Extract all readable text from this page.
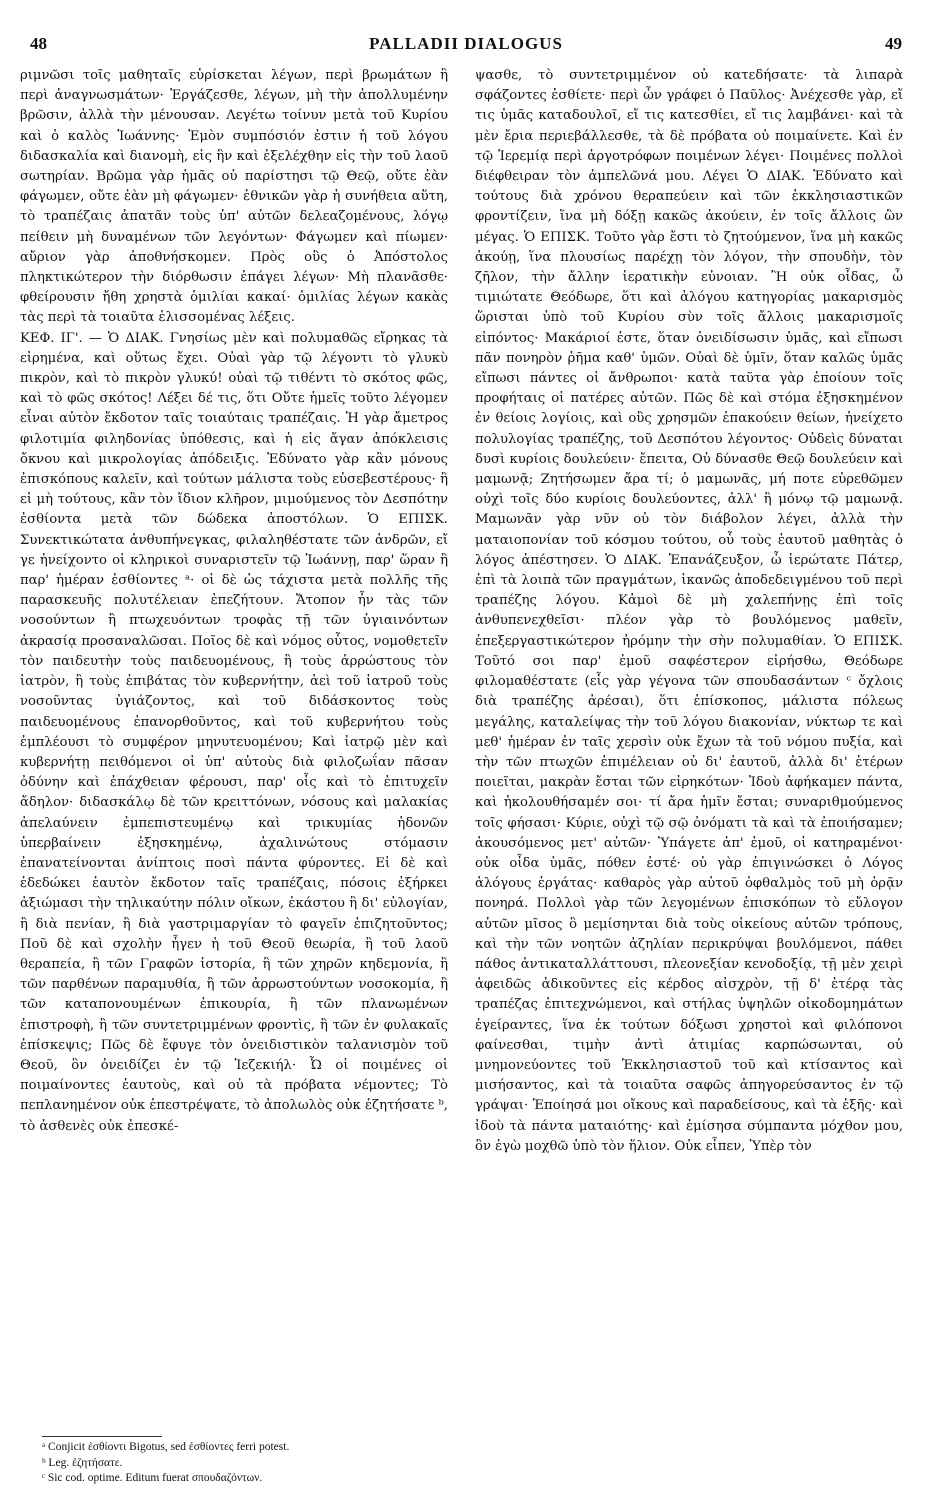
48	PALLADII DIALOGUS	49

ριμνῶσι τοῖς μαθηταῖς εὑρίσκεται λέγων, περὶ βρωμάτων ἢ περὶ ἀναγνωσμάτων· Ἐργάζεσθε, λέγων, μὴ τὴν ἀπολλυμένην βρῶσιν, ἀλλὰ τὴν μένουσαν. Λεγέτω τοίνυν μετὰ τοῦ Κυρίου καὶ ὁ καλὸς Ἰωάννης· Ἐμὸν συμπόσιόν ἐστιν ἡ τοῦ λόγου διδασκαλία καὶ διανομὴ, εἰς ἣν καὶ ἐξελέχθην εἰς τὴν τοῦ λαοῦ σωτηρίαν. Βρῶμα γὰρ ἡμᾶς οὐ παρίστησι τῷ Θεῷ, οὔτε ἐὰν φάγωμεν, οὔτε ἐὰν μὴ φάγωμεν· ἐθνικῶν γὰρ ἡ συνήθεια αὕτη, τὸ τραπέζαις ἀπατᾶν τοὺς ὑπ' αὐτῶν δελεαζομένους, λόγῳ πείθειν μὴ δυναμένων τῶν λεγόντων· Φάγωμεν καὶ πίωμεν· αὔριον γὰρ ἀποθνήσκομεν. Πρὸς οὓς ὁ Ἀπόστολος πληκτικώτερον τὴν διόρθωσιν ἐπάγει λέγων· Μὴ πλανᾶσθε· φθείρουσιν ἤθη χρηστὰ ὁμιλίαι κακαί· ὁμιλίας λέγων κακὰς τὰς περὶ τὰ τοιαῦτα ἑλισσομένας λέξεις.

ΚΕΦ. ΙΓ'. — Ὁ ΔΙΑΚ. Γνησίως μὲν καὶ πολυμαθῶς εἴρηκας τὰ εἰρημένα, καὶ οὕτως ἔχει. Οὐαὶ γὰρ τῷ λέγοντι τὸ γλυκὺ πικρὸν, καὶ τὸ πικρὸν γλυκύ! οὐαὶ τῷ τιθέντι τὸ σκότος φῶς, καὶ τὸ φῶς σκότος! Λέξει δέ τις, ὅτι Οὔτε ἡμεῖς τοῦτο λέγομεν εἶναι αὐτὸν ἔκδοτον ταῖς τοιαύταις τραπέζαις. Ἡ γὰρ ἄμετρος φιλοτιμία φιληδονίας ὑπόθεσις, καὶ ἡ εἰς ἄγαν ἀπόκλεισις ὄκνου καὶ μικρολογίας ἀπόδειξις. Ἐδύνατο γὰρ κἂν μόνους ἐπισκόπους καλεῖν, καὶ τούτων μάλιστα τοὺς εὐσεβεστέρους· ἢ εἰ μὴ τούτους, κἂν τὸν ἴδιον κλῆρον, μιμούμενος τὸν Δεσπότην ἐσθίοντα μετὰ τῶν δώδεκα ἀποστόλων. Ὁ ΕΠΙΣΚ. Συνεκτικώτατα ἀνθυπήνεγκας, φιλαληθέστατε τῶν ἀνδρῶν, εἴ γε ἠνείχοντο οἱ κληρικοὶ συναριστεῖν τῷ Ἰωάννῃ, παρ' ὥραν ἢ παρ' ἡμέραν ἐσθίοντες ᵃ· οἱ δὲ ὡς τάχιστα μετὰ πολλῆς τῆς παρασκευῆς πολυτέλειαν ἐπεζήτουν. Ἄτοπον ἦν τὰς τῶν νοσούντων ἢ πτωχευόντων τροφὰς τῇ τῶν ὑγιαινόντων ἀκρασίᾳ προσαναλῶσαι. Ποῖος δὲ καὶ νόμος οὗτος, νομοθετεῖν τὸν παιδευτὴν τοὺς παιδευομένους, ἢ τοὺς ἀρρώστους τὸν ἰατρὸν, ἢ τοὺς ἐπιβάτας τὸν κυβερνήτην, ἀεὶ τοῦ ἰατροῦ τοὺς νοσοῦντας ὑγιάζοντος, καὶ τοῦ διδάσκοντος τοὺς παιδευομένους ἐπανορθοῦντος, καὶ τοῦ κυβερνήτου τοὺς ἐμπλέουσι τὸ συμφέρον μηνυτευομένου; Καὶ ἰατρῷ μὲν καὶ κυβερνήτῃ πειθόμενοι οἱ ὑπ' αὐτοὺς διὰ φιλοζωΐαν πᾶσαν ὀδύνην καὶ ἐπάχθειαν φέρουσι, παρ' οἷς καὶ τὸ ἐπιτυχεῖν ἄδηλον· διδασκάλῳ δὲ τῶν κρειττόνων, νόσους καὶ μαλακίας ἀπελαύνειν ἐμπεπιστευμένῳ καὶ τρικυμίας ἡδονῶν ὑπερβαίνειν ἐξησκημένῳ, ἀχαλινώτους στόμασιν ἐπανατείνονται ἀνίπτοις ποσὶ πάντα φύροντες. Εἰ δὲ καὶ ἐδεδώκει ἑαυτὸν ἔκδοτον ταῖς τραπέζαις, πόσοις ἐξήρκει ἀξιώμασι τὴν τηλικαύτην πόλιν οἴκων, ἑκάστου ἢ δι' εὐλογίαν, ἢ διὰ πενίαν, ἢ διὰ γαστριμαργίαν τὸ φαγεῖν ἐπιζητοῦντος; Ποῦ δὲ καὶ σχολὴν ἦγεν ἡ τοῦ Θεοῦ θεωρία, ἢ τοῦ λαοῦ θεραπεία, ἢ τῶν Γραφῶν ἱστορία, ἢ τῶν χηρῶν κηδεμονία, ἢ τῶν παρθένων παραμυθία, ἢ τῶν ἀρρωστούντων νοσοκομία, ἢ τῶν καταπονουμένων ἐπικουρία, ἢ τῶν πλανωμένων ἐπιστροφὴ, ἢ τῶν συντετριμμένων φροντὶς, ἢ τῶν ἐν φυλακαῖς ἐπίσκεψις; Πῶς δὲ ἔφυγε τὸν ὀνειδιστικὸν ταλανισμὸν τοῦ Θεοῦ, ὃν ὀνειδίζει ἐν τῷ Ἰεζεκιήλ· Ὦ οἱ ποιμένες οἱ ποιμαίνοντες ἑαυτοὺς, καὶ οὐ τὰ πρόβατα νέμοντες; Τὸ πεπλανημένον οὐκ ἐπεστρέψατε, τὸ ἀπολωλὸς οὐκ ἐζητήσατε ᵇ, τὸ ἀσθενὲς οὐκ ἐπεσκέ-

ψασθε, τὸ συντετριμμένον οὐ κατεδήσατε· τὰ λιπαρὰ σφάζοντες ἐσθίετε· περὶ ὧν γράφει ὁ Παῦλος· Ἀνέχεσθε γὰρ, εἴ τις ὑμᾶς καταδουλοῖ, εἴ τις κατεσθίει, εἴ τις λαμβάνει· καὶ τὰ μὲν ἔρια περιεβάλλεσθε, τὰ δὲ πρόβατα οὐ ποιμαίνετε. Καὶ ἐν τῷ Ἱερεμίᾳ περὶ ἀργοτρόφων ποιμένων λέγει· Ποιμένες πολλοὶ διέφθειραν τὸν ἀμπελῶνά μου. Λέγει Ὁ ΔΙΑΚ. Ἐδύνατο καὶ τούτους διὰ χρόνου θεραπεύειν καὶ τῶν ἐκκλησιαστικῶν φροντίζειν, ἵνα μὴ δόξῃ κακῶς ἀκούειν, ἐν τοῖς ἄλλοις ὢν μέγας. Ὁ ΕΠΙΣΚ. Τοῦτο γὰρ ἔστι τὸ ζητούμενον, ἵνα μὴ κακῶς ἀκούῃ, ἵνα πλουσίως παρέχῃ τὸν λόγον, τὴν σπουδὴν, τὸν ζῆλον, τὴν ἄλλην ἱερατικὴν εὐνοιαν. Ἢ οὐκ οἶδας, ὦ τιμιώτατε Θεόδωρε, ὅτι καὶ ἀλόγου κατηγορίας μακαρισμὸς ὥρισται ὑπὸ τοῦ Κυρίου σὺν τοῖς ἄλλοις μακαρισμοῖς εἰπόντος· Μακάριοί ἐστε, ὅταν ὀνειδίσωσιν ὑμᾶς, καὶ εἴπωσι πᾶν πονηρὸν ῥῆμα καθ' ὑμῶν. Οὐαὶ δὲ ὑμῖν, ὅταν καλῶς ὑμᾶς εἴπωσι πάντες οἱ ἄνθρωποι· κατὰ ταῦτα γὰρ ἐποίουν τοῖς προφήταις οἱ πατέρες αὐτῶν. Πῶς δὲ καὶ στόμα ἐξησκημένον ἐν θείοις λογίοις, καὶ οὓς χρησμῶν ἐπακούειν θείων, ἠνείχετο πολυλογίας τραπέζης, τοῦ Δεσπότου λέγοντος· Οὐδεὶς δύναται δυσὶ κυρίοις δουλεύειν· ἔπειτα, Οὐ δύνασθε Θεῷ δουλεύειν καὶ μαμωνᾷ; Ζητήσωμεν ἄρα τί; ὁ μαμωνᾶς, μή ποτε εὑρεθῶμεν οὐχὶ τοῖς δύο κυρίοις δουλεύοντες, ἀλλ' ἢ μόνῳ τῷ μαμωνᾷ. Μαμωνᾶν γὰρ νῦν οὐ τὸν διάβολον λέγει, ἀλλὰ τὴν ματαιοπονίαν τοῦ κόσμου τούτου, οὗ τοὺς ἑαυτοῦ μαθητὰς ὁ λόγος ἀπέστησεν. Ὁ ΔΙΑΚ. Ἐπανάζευξον, ὦ ἱερώτατε Πάτερ, ἐπὶ τὰ λοιπὰ τῶν πραγμάτων, ἱκανῶς ἀποδεδειγμένου τοῦ περὶ τραπέζης λόγου. Κἀμοὶ δὲ μὴ χαλεπήνῃς ἐπὶ τοῖς ἀνθυπενεχθεῖσι· πλέον γὰρ τὸ βουλόμενος μαθεῖν, ἐπεξεργαστικώτερον ἠρόμην τὴν σὴν πολυμαθίαν. Ὁ ΕΠΙΣΚ. Τοῦτό σοι παρ' ἐμοῦ σαφέστερον εἰρήσθω, Θεόδωρε φιλομαθέστατε (εἷς γὰρ γέγονα τῶν σπουδασάντων ᶜ ὄχλοις διὰ τραπέζης ἀρέσαι), ὅτι ἐπίσκοπος, μάλιστα πόλεως μεγάλης, καταλείψας τὴν τοῦ λόγου διακονίαν, νύκτωρ τε καὶ μεθ' ἡμέραν ἐν ταῖς χερσὶν οὐκ ἔχων τὰ τοῦ νόμου πυξία, καὶ τὴν τῶν πτωχῶν ἐπιμέλειαν οὐ δι' ἑαυτοῦ, ἀλλὰ δι' ἑτέρων ποιεῖται, μακρὰν ἔσται τῶν εἰρηκότων· Ἰδοὺ ἀφήκαμεν πάντα, καὶ ἠκολουθήσαμέν σοι· τί ἄρα ἡμῖν ἔσται; συναριθμούμενος τοῖς φήσασι· Κύριε, οὐχὶ τῷ σῷ ὀνόματι τὰ καὶ τὰ ἐποιήσαμεν; ἀκουσόμενος μετ' αὐτῶν· Ὑπάγετε ἀπ' ἐμοῦ, οἱ κατηραμένοι· οὐκ οἶδα ὑμᾶς, πόθεν ἐστέ· οὐ γὰρ ἐπιγινώσκει ὁ Λόγος ἀλόγους ἐργάτας· καθαρὸς γὰρ αὐτοῦ ὀφθαλμὸς τοῦ μὴ ὁρᾷν πονηρά. Πολλοὶ γὰρ τῶν λεγομένων ἐπισκόπων τὸ εὔλογον αὐτῶν μῖσος ὃ μεμίσηνται διὰ τοὺς οἰκείους αὐτῶν τρόπους, καὶ τὴν τῶν νοητῶν ἀζηλίαν περικρύψαι βουλόμενοι, πάθει πάθος ἀντικαταλλάττουσι, πλεονεξίαν κενοδοξίᾳ, τῇ μὲν χειρὶ ἀφειδῶς ἀδικοῦντες εἰς κέρδος αἰσχρὸν, τῇ δ' ἑτέρᾳ τὰς τραπέζας ἐπιτεχνώμενοι, καὶ στήλας ὑψηλῶν οἰκοδομημάτων ἐγείραντες, ἵνα ἐκ τούτων δόξωσι χρηστοὶ καὶ φιλόπονοι φαίνεσθαι, τιμὴν ἀντὶ ἀτιμίας καρπώσωνται, οὐ μνημονεύοντες τοῦ Ἐκκλησιαστοῦ τοῦ καὶ κτίσαντος καὶ μισήσαντος, καὶ τὰ τοιαῦτα σαφῶς ἀπηγορεύσαντος ἐν τῷ γράψαι· Ἐποίησά μοι οἴκους καὶ παραδείσους, καὶ τὰ ἑξῆς· καὶ ἰδοὺ τὰ πάντα ματαιότης· καὶ ἐμίσησα σύμπαντα μόχθον μου, ὃν ἐγὼ μοχθῶ ὑπὸ τὸν ἥλιον. Οὐκ εἶπεν, Ὑπὲρ τὸν

ᵃ Conjicit ἐσθίοντι Bigotus, sed ἐσθίοντες ferri potest.
ᵇ Leg. ἐζητήσατε.
ᶜ Sic cod. optime. Editum fuerat σπουδαζόντων.
